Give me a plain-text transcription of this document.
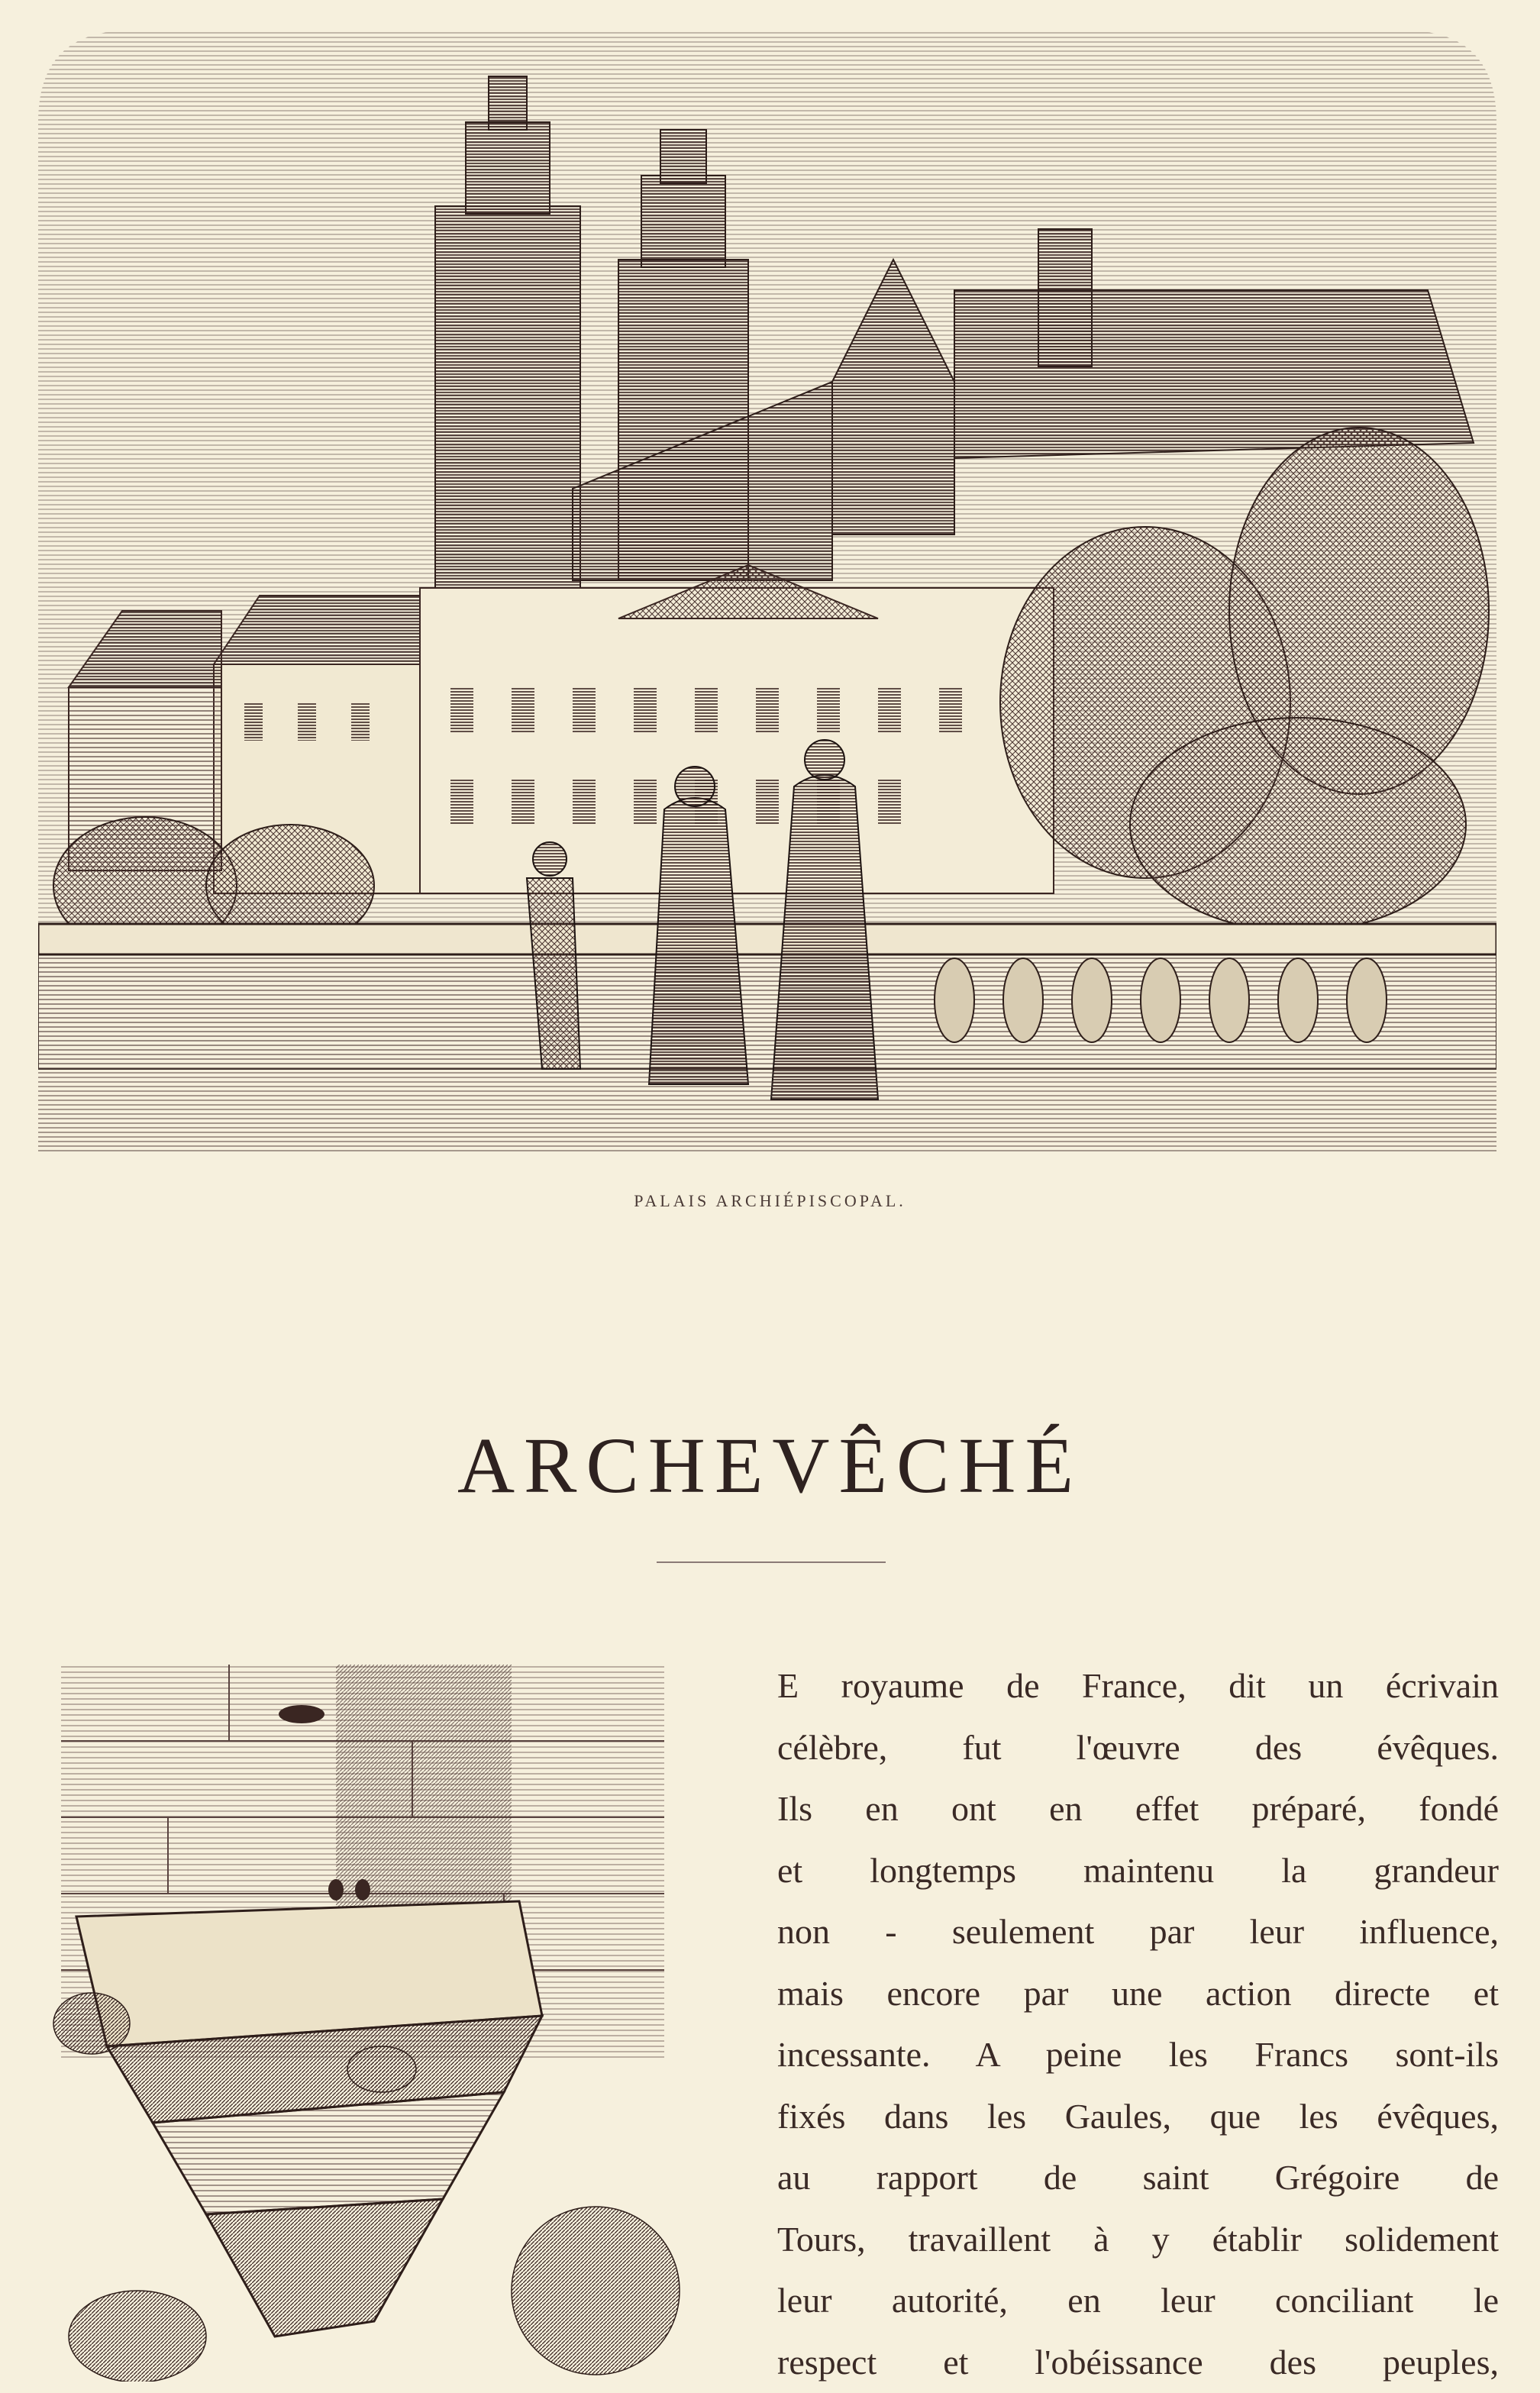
PALAIS ARCHIÉPISCOPAL.
ARCHEVÊCHÉ
E royaume de France, dit un écrivain
célèbre, fut l'œuvre des évêques.
Ils en ont en effet préparé, fondé
et longtemps maintenu la grandeur
non - seulement par leur influence,
mais encore par une action directe et
incessante. A peine les Francs sont-ils
fixés dans les Gaules, que les évêques,
au rapport de saint Grégoire de
Tours, travaillent à y établir solidement
leur autorité, en leur conciliant le
respect et l'obéissance des peuples,
